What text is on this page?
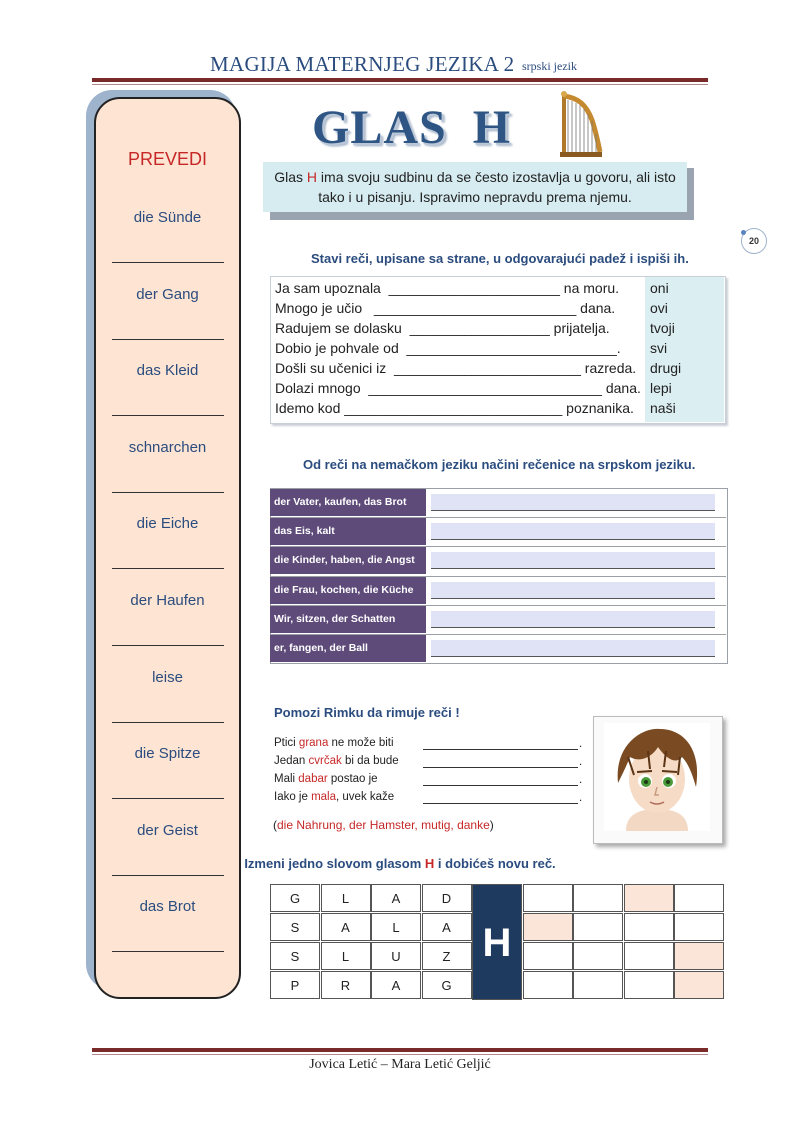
MAGIJA MATERNJEG JEZIKA 2 srpski jezik
PREVEDI
die Sünde
der Gang
das Kleid
schnarchen
die Eiche
der Haufen
leise
die Spitze
der Geist
das Brot
GLAS  H
Glas H ima svoju sudbinu da se često izostavlja u govoru, ali isto tako i u pisanju. Ispravimo nepravdu prema njemu.
20
Stavi reči, upisane sa strane, u odgovarajući padež i ispiši ih.
Ja sam upoznala  ______________________ na moru.
Mnogo je učio   __________________________ dana.
Radujem se dolasku  __________________ prijatelja.
Dobio je pohvale od  ___________________________.
Došli su učenici iz  ________________________ razreda.
Dolazi mnogo  ______________________________ dana.
Idemo kod ____________________________ poznanika.
oni
ovi
tvoji
svi
drugi
lepi
naši
Od reči na nemačkom jeziku načini rečenice na srpskom jeziku.
der Vater, kaufen, das Brot
das Eis, kalt
die Kinder, haben, die Angst
die Frau, kochen, die Küche
Wir, sitzen, der Schatten
er, fangen, der Ball
Pomozi Rimku da rimuje reči !
Ptici grana ne može biti	.
Jedan cvrčak bi da bude	.
Mali dabar postao je	.
Iako je mala, uvek kaže	.
(die Nahrung, der Hamster, mutig, danke)
Izmeni jedno slovom glasom H i dobićeš novu reč.
H
G	L	A	D
S	A	L	A
S	L	U	Z
P	R	A	G
Jovica Letić – Mara Letić Geljić
